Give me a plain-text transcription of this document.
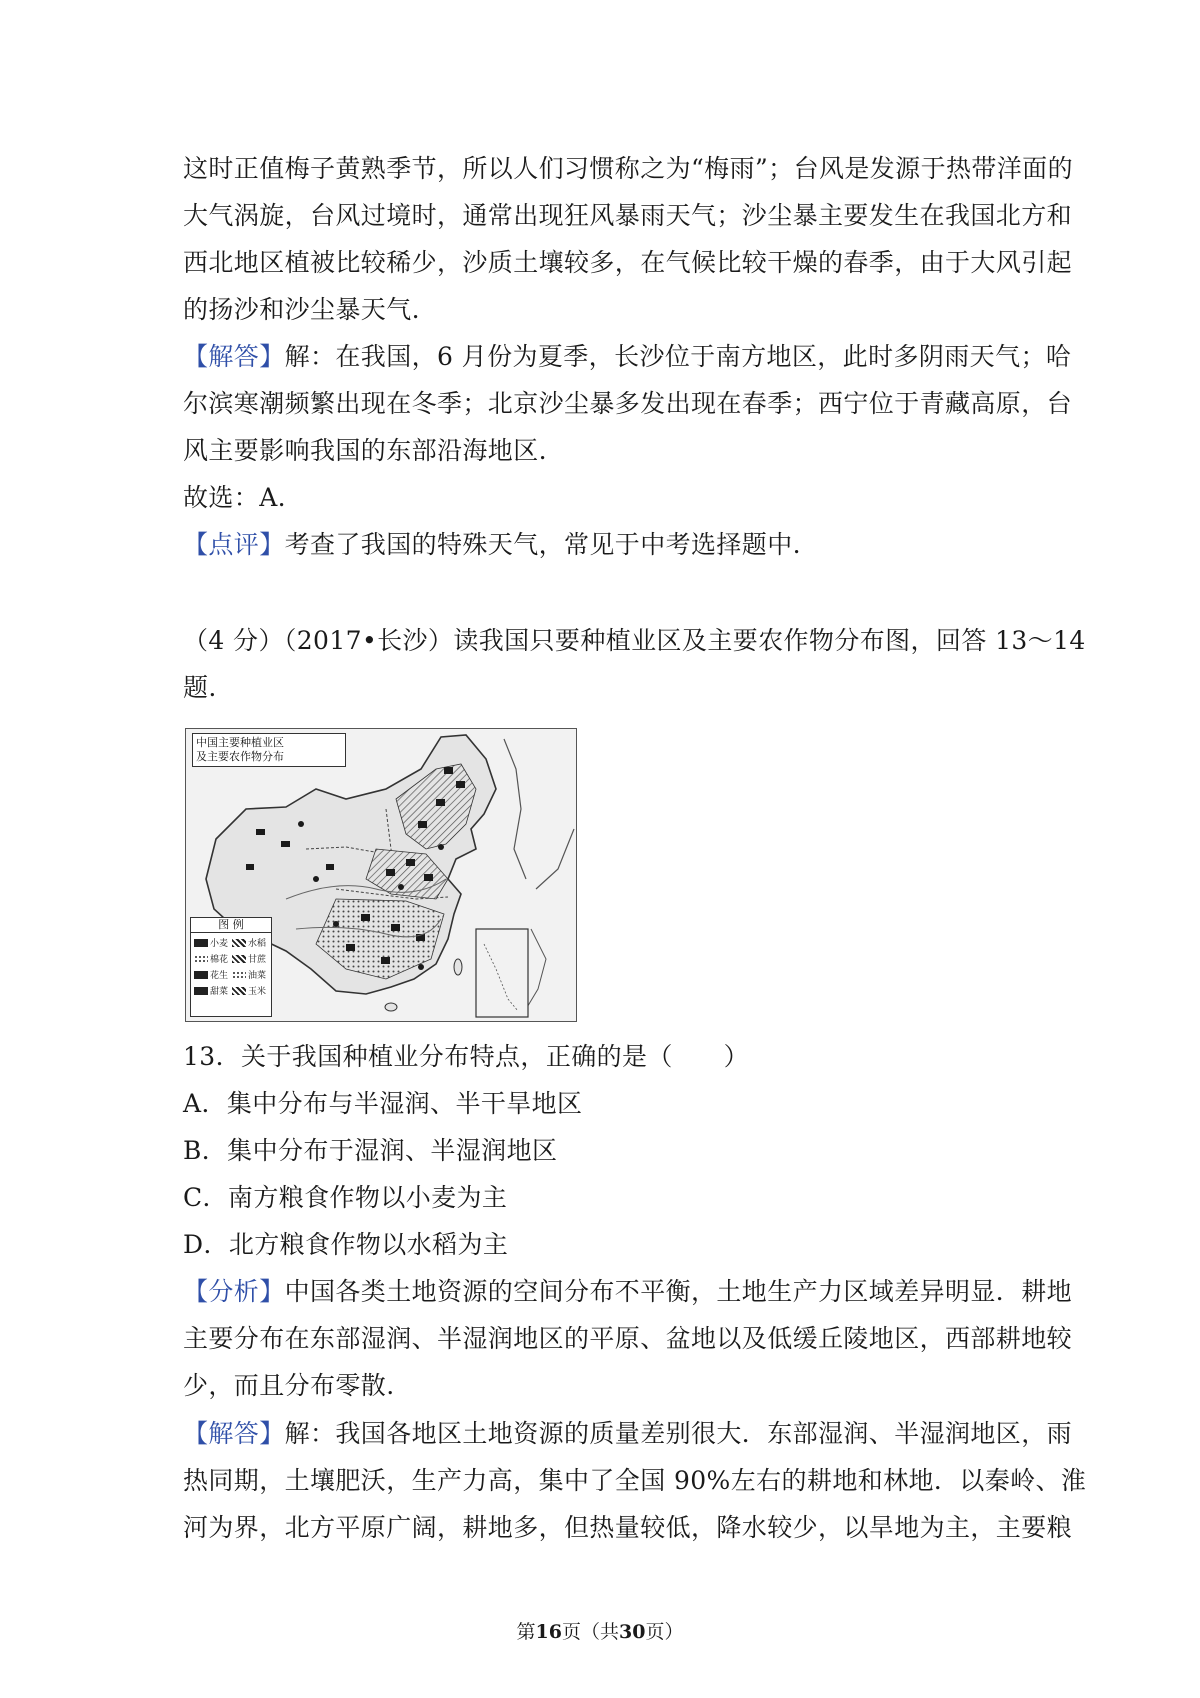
这时正值梅子黄熟季节，所以人们习惯称之为“梅雨”；台风是发源于热带洋面的
大气涡旋，台风过境时，通常出现狂风暴雨天气；沙尘暴主要发生在我国北方和
西北地区植被比较稀少，沙质土壤较多，在气候比较干燥的春季，由于大风引起
的扬沙和沙尘暴天气.

【解答】解：在我国，6 月份为夏季，长沙位于南方地区，此时多阴雨天气；哈
尔滨寒潮频繁出现在冬季；北京沙尘暴多发出现在春季；西宁位于青藏高原，台
风主要影响我国的东部沿海地区.

故选：A.

【点评】考查了我国的特殊天气，常见于中考选择题中.

（4 分）（2017•长沙）读我国只要种植业区及主要农作物分布图，回答 13～14
题.

中国主要种植业区
及主要农作物分布
图 例
小麦 水稻
棉花 甘蔗
花生 油菜
甜菜 玉米

13．关于我国种植业分布特点，正确的是（　　）
A．集中分布与半湿润、半干旱地区
B．集中分布于湿润、半湿润地区
C．南方粮食作物以小麦为主
D．北方粮食作物以水稻为主

【分析】中国各类土地资源的空间分布不平衡，土地生产力区域差异明显．耕地
主要分布在东部湿润、半湿润地区的平原、盆地以及低缓丘陵地区，西部耕地较
少，而且分布零散.

【解答】解：我国各地区土地资源的质量差别很大．东部湿润、半湿润地区，雨
热同期，土壤肥沃，生产力高，集中了全国 90%左右的耕地和林地．以秦岭、淮
河为界，北方平原广阔，耕地多，但热量较低，降水较少，以旱地为主，主要粮

第16页（共30页）
